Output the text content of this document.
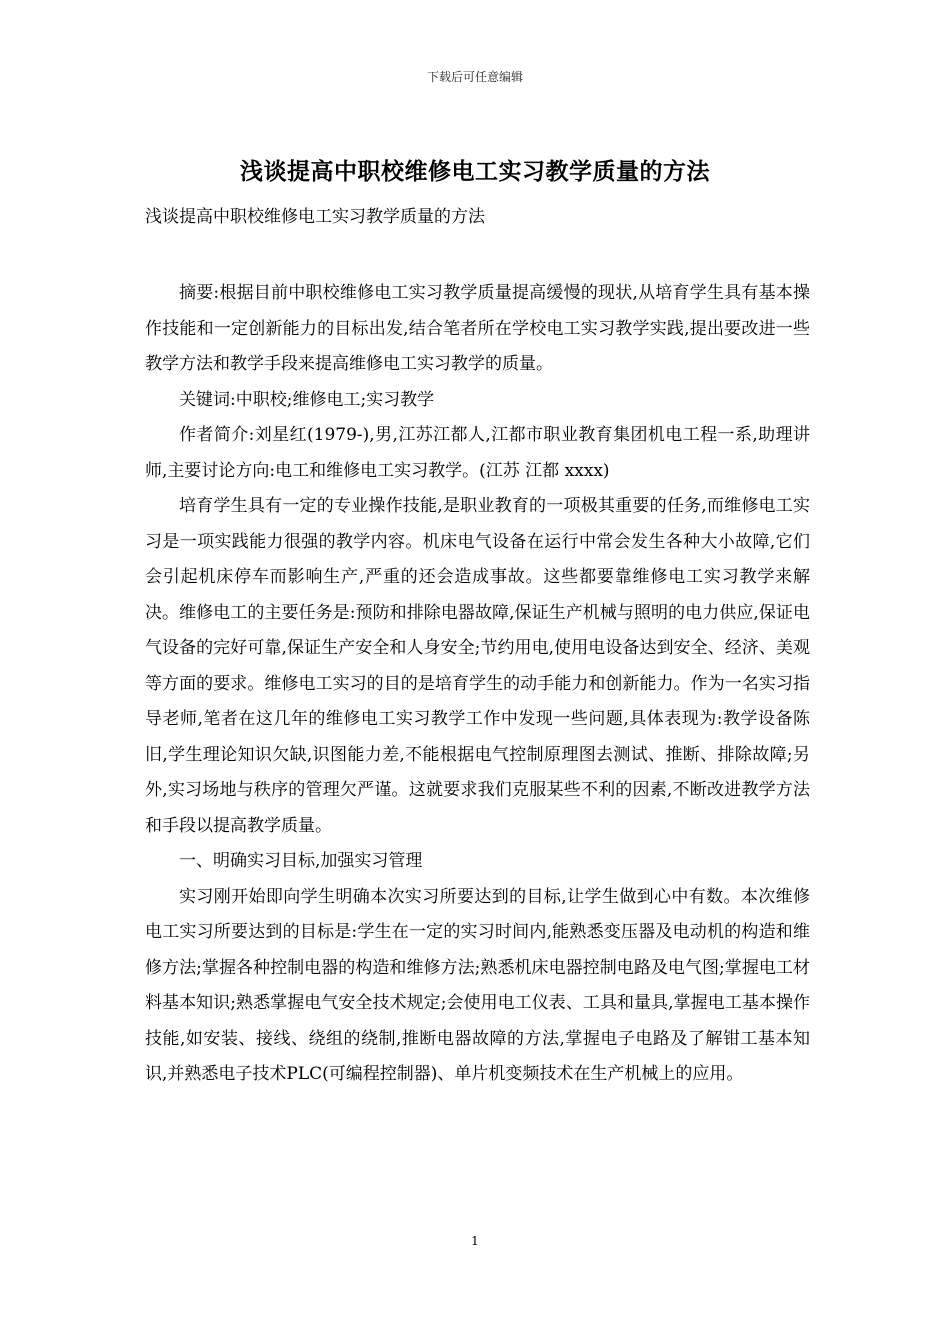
下载后可任意编辑
浅谈提高中职校维修电工实习教学质量的方法
浅谈提高中职校维修电工实习教学质量的方法

摘要:根据目前中职校维修电工实习教学质量提高缓慢的现状,从培育学生具有基本操作技能和一定创新能力的目标出发,结合笔者所在学校电工实习教学实践,提出要改进一些教学方法和教学手段来提高维修电工实习教学的质量。

关键词:中职校;维修电工;实习教学

作者简介:刘星红(1979-),男,江苏江都人,江都市职业教育集团机电工程一系,助理讲师,主要讨论方向:电工和维修电工实习教学。(江苏 江都 xxxx)

培育学生具有一定的专业操作技能,是职业教育的一项极其重要的任务,而维修电工实习是一项实践能力很强的教学内容。机床电气设备在运行中常会发生各种大小故障,它们会引起机床停车而影响生产,严重的还会造成事故。这些都要靠维修电工实习教学来解决。维修电工的主要任务是:预防和排除电器故障,保证生产机械与照明的电力供应,保证电气设备的完好可靠,保证生产安全和人身安全;节约用电,使用电设备达到安全、经济、美观等方面的要求。维修电工实习的目的是培育学生的动手能力和创新能力。作为一名实习指导老师,笔者在这几年的维修电工实习教学工作中发现一些问题,具体表现为:教学设备陈旧,学生理论知识欠缺,识图能力差,不能根据电气控制原理图去测试、推断、排除故障;另外,实习场地与秩序的管理欠严谨。这就要求我们克服某些不利的因素,不断改进教学方法和手段以提高教学质量。

一、明确实习目标,加强实习管理

实习刚开始即向学生明确本次实习所要达到的目标,让学生做到心中有数。本次维修电工实习所要达到的目标是:学生在一定的实习时间内,能熟悉变压器及电动机的构造和维修方法;掌握各种控制电器的构造和维修方法;熟悉机床电器控制电路及电气图;掌握电工材料基本知识;熟悉掌握电气安全技术规定;会使用电工仪表、工具和量具,掌握电工基本操作技能,如安装、接线、绕组的绕制,推断电器故障的方法,掌握电子电路及了解钳工基本知识,并熟悉电子技术PLC(可编程控制器)、单片机变频技术在生产机械上的应用。

1
